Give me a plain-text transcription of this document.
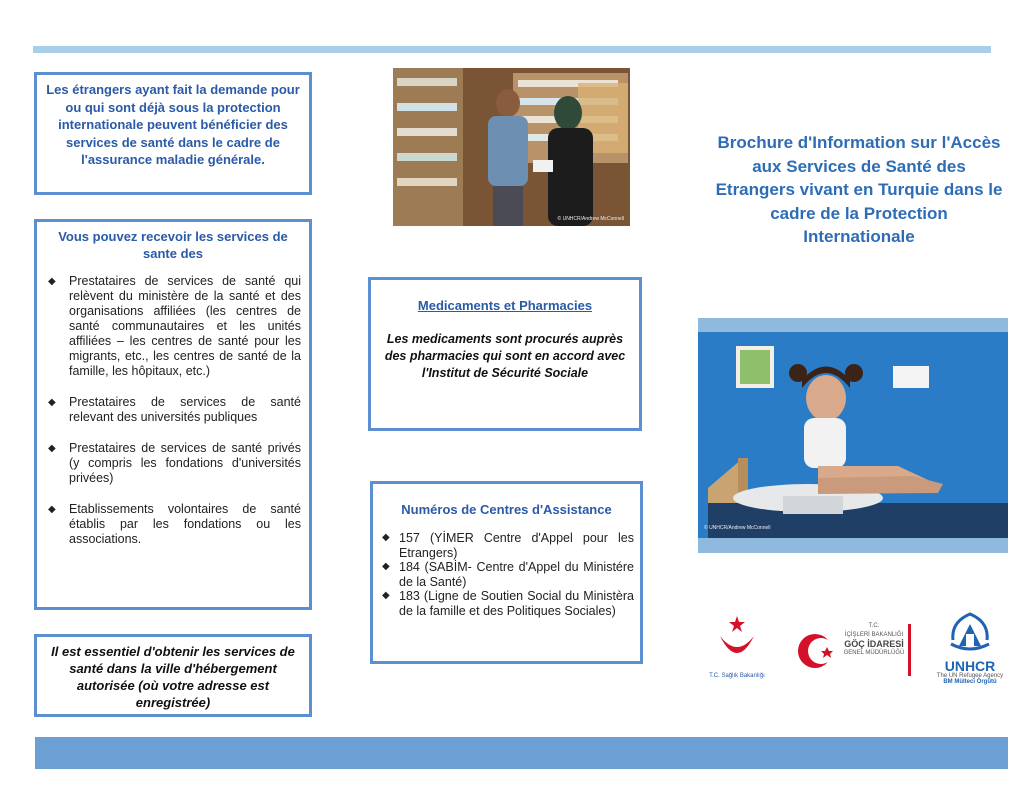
Les étrangers ayant fait la demande pour ou qui sont déjà sous la protection internationale peuvent bénéficier des services de santé dans le cadre de l'assurance maladie générale.

Vous pouvez recevoir les services de sante des
◆ Prestataires de services de santé qui relèvent du ministère de la santé et des organisations affiliées (les centres de santé communautaires et les unités affiliées – les centres de santé pour les migrants, etc., les centres de santé de la famille, les hôpitaux, etc.)
◆ Prestataires de services de santé relevant des universités publiques
◆ Prestataires de services de santé privés (y compris les fondations d'universités privées)
◆ Etablissements volontaires de santé établis par les fondations ou les associations.

Il est essentiel d'obtenir les services de santé dans la ville d'hébergement autorisée (où votre adresse est enregistrée)

© UNHCR/Andrew McConnell
Medicaments et Pharmacies

Les medicaments sont procurés auprès des pharmacies qui sont en accord avec l'Institut de Sécurité Sociale

Numéros de Centres d'Assistance
◆ 157 (YİMER Centre d'Appel pour les Etrangers)
◆ 184 (SABİM- Centre d'Appel du Ministére de la Santé)
◆ 183 (Ligne de Soutien Social du Ministèra de la famille et des Politiques Sociales)
Brochure d'Information sur l'Accès aux Services de Santé des Etrangers vivant en Turquie dans le cadre de la Protection Internationale
© UNHCR/Andrew McConnell
T.C. Sağlık Bakanlığı
T.C.
İÇİŞLERİ BAKANLIĞI
GÖÇ İDARESİ
GENEL MÜDÜRLÜĞÜ
UNHCR
The UN Refugee Agency
BM Mülteci Örgütü
